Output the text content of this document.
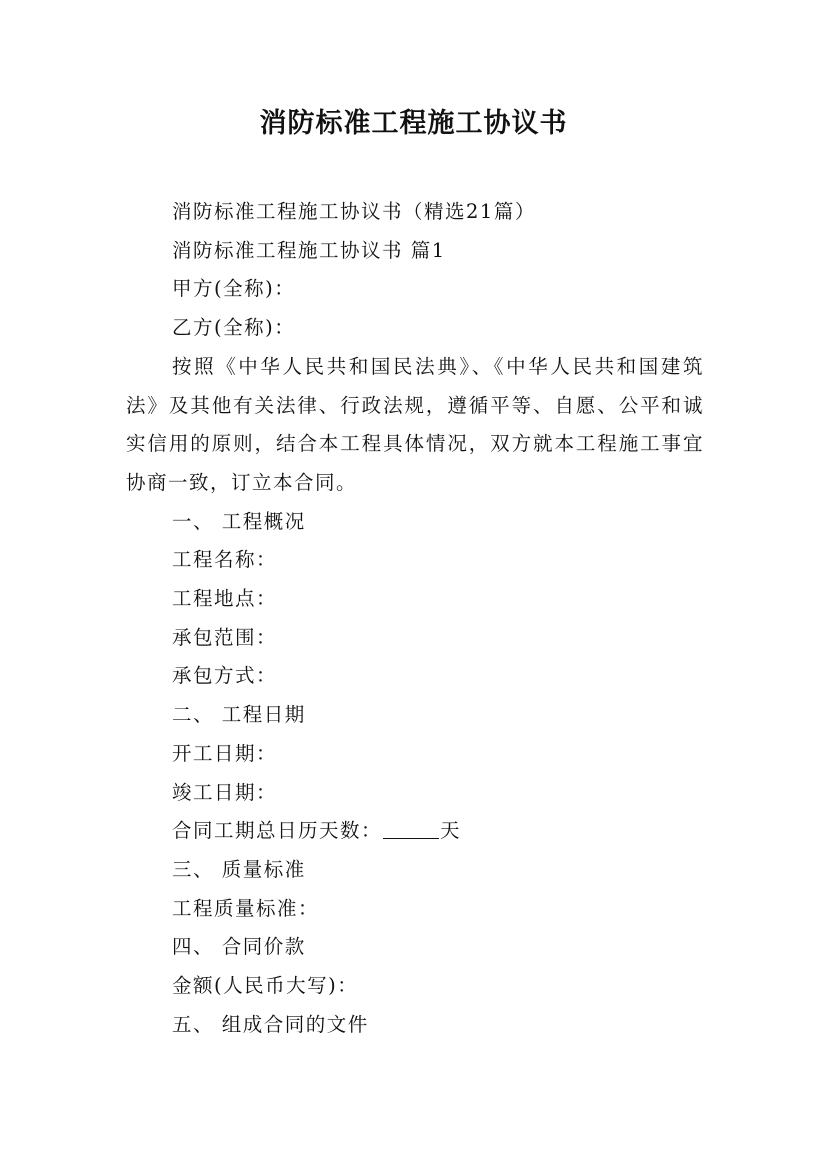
消防标准工程施工协议书

消防标准工程施工协议书（精选21篇）

消防标准工程施工协议书 篇1

甲方(全称)：

乙方(全称)：

按照《中华人民共和国民法典》、《中华人民共和国建筑法》及其他有关法律、行政法规，遵循平等、自愿、公平和诚实信用的原则，结合本工程具体情况，双方就本工程施工事宜协商一致，订立本合同。

一、 工程概况

工程名称：

工程地点：

承包范围：

承包方式：

二、 工程日期

开工日期：

竣工日期：

合同工期总日历天数：	天

三、 质量标准

工程质量标准：

四、 合同价款

金额(人民币大写)：

五、 组成合同的文件
